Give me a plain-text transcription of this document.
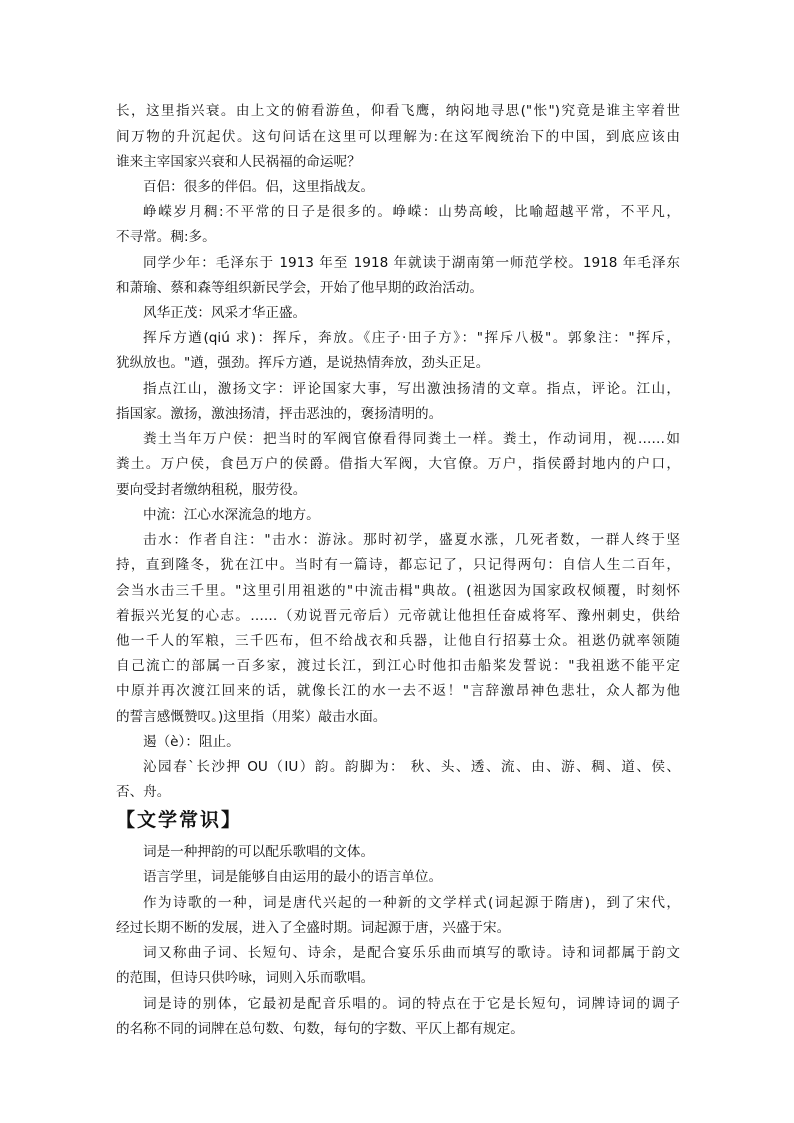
长，这里指兴衰。由上文的俯看游鱼，仰看飞鹰，纳闷地寻思("怅")究竟是谁主宰着世
间万物的升沉起伏。这句问话在这里可以理解为:在这军阀统治下的中国，到底应该由
谁来主宰国家兴衰和人民祸福的命运呢？
百侣：很多的伴侣。侣，这里指战友。
峥嵘岁月稠:不平常的日子是很多的。峥嵘：山势高峻，比喻超越平常，不平凡，
不寻常。稠:多。
同学少年：毛泽东于 1913 年至 1918 年就读于湖南第一师范学校。1918 年毛泽东
和萧瑜、蔡和森等组织新民学会，开始了他早期的政治活动。
风华正茂：风采才华正盛。
挥斥方遒(qiú 求)：挥斥，奔放。《庄子·田子方》："挥斥八极"。郭象注："挥斥，
犹纵放也。"遒，强劲。挥斥方遒，是说热情奔放，劲头正足。
指点江山，激扬文字：评论国家大事，写出激浊扬清的文章。指点，评论。江山，
指国家。激扬，激浊扬清，抨击恶浊的，褒扬清明的。
粪土当年万户侯：把当时的军阀官僚看得同粪土一样。粪土，作动词用，视……如
粪土。万户侯，食邑万户的侯爵。借指大军阀，大官僚。万户，指侯爵封地内的户口，
要向受封者缴纳租税，服劳役。
中流：江心水深流急的地方。
击水：作者自注："击水：游泳。那时初学，盛夏水涨，几死者数，一群人终于坚
持，直到隆冬，犹在江中。当时有一篇诗，都忘记了，只记得两句：自信人生二百年，
会当水击三千里。"这里引用祖逖的"中流击楫"典故。(祖逖因为国家政权倾覆，时刻怀
着振兴光复的心志。……（劝说晋元帝后）元帝就让他担任奋威将军、豫州刺史，供给
他一千人的军粮，三千匹布，但不给战衣和兵器，让他自行招募士众。祖逖仍就率领随
自己流亡的部属一百多家，渡过长江，到江心时他扣击船桨发誓说："我祖逖不能平定
中原并再次渡江回来的话，就像长江的水一去不返！"言辞激昂神色悲壮，众人都为他
的誓言感慨赞叹。)这里指（用桨）敲击水面。
遏（è）：阻止。
沁园春`长沙押 OU（IU）韵。韵脚为： 秋、头、透、流、由、游、稠、道、侯、
否、舟。
【文学常识】
词是一种押韵的可以配乐歌唱的文体。
语言学里，词是能够自由运用的最小的语言单位。
作为诗歌的一种，词是唐代兴起的一种新的文学样式(词起源于隋唐)，到了宋代，
经过长期不断的发展，进入了全盛时期。词起源于唐，兴盛于宋。
词又称曲子词、长短句、诗余，是配合宴乐乐曲而填写的歌诗。诗和词都属于韵文
的范围，但诗只供吟咏，词则入乐而歌唱。
词是诗的别体，它最初是配音乐唱的。词的特点在于它是长短句，词牌诗词的调子
的名称不同的词牌在总句数、句数，每句的字数、平仄上都有规定。
